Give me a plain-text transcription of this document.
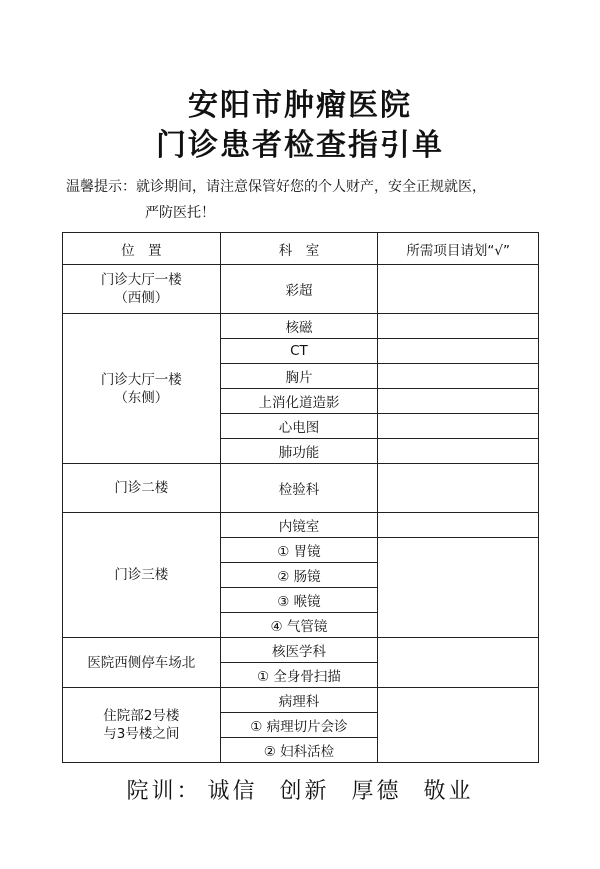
安阳市肿瘤医院
门诊患者检查指引单
温馨提示：就诊期间，请注意保管好您的个人财产，安全正规就医，
严防医托！
位　置	科　室	所需项目请划“√”

门诊大厅一楼
（西侧）	彩超	

门诊大厅一楼
（东侧）	核磁	
	CT	
	胸片	
	上消化道造影	
	心电图	
	肺功能	

门诊二楼	检验科	

门诊三楼	内镜室	
	① 胃镜	
	② 肠镜	
	③ 喉镜	
	④ 气管镜	

医院西侧停车场北	核医学科	
	① 全身骨扫描	

住院部2号楼
与3号楼之间	病理科	
	① 病理切片会诊	
	② 妇科活检	
院训： 诚信 创新 厚德 敬业
